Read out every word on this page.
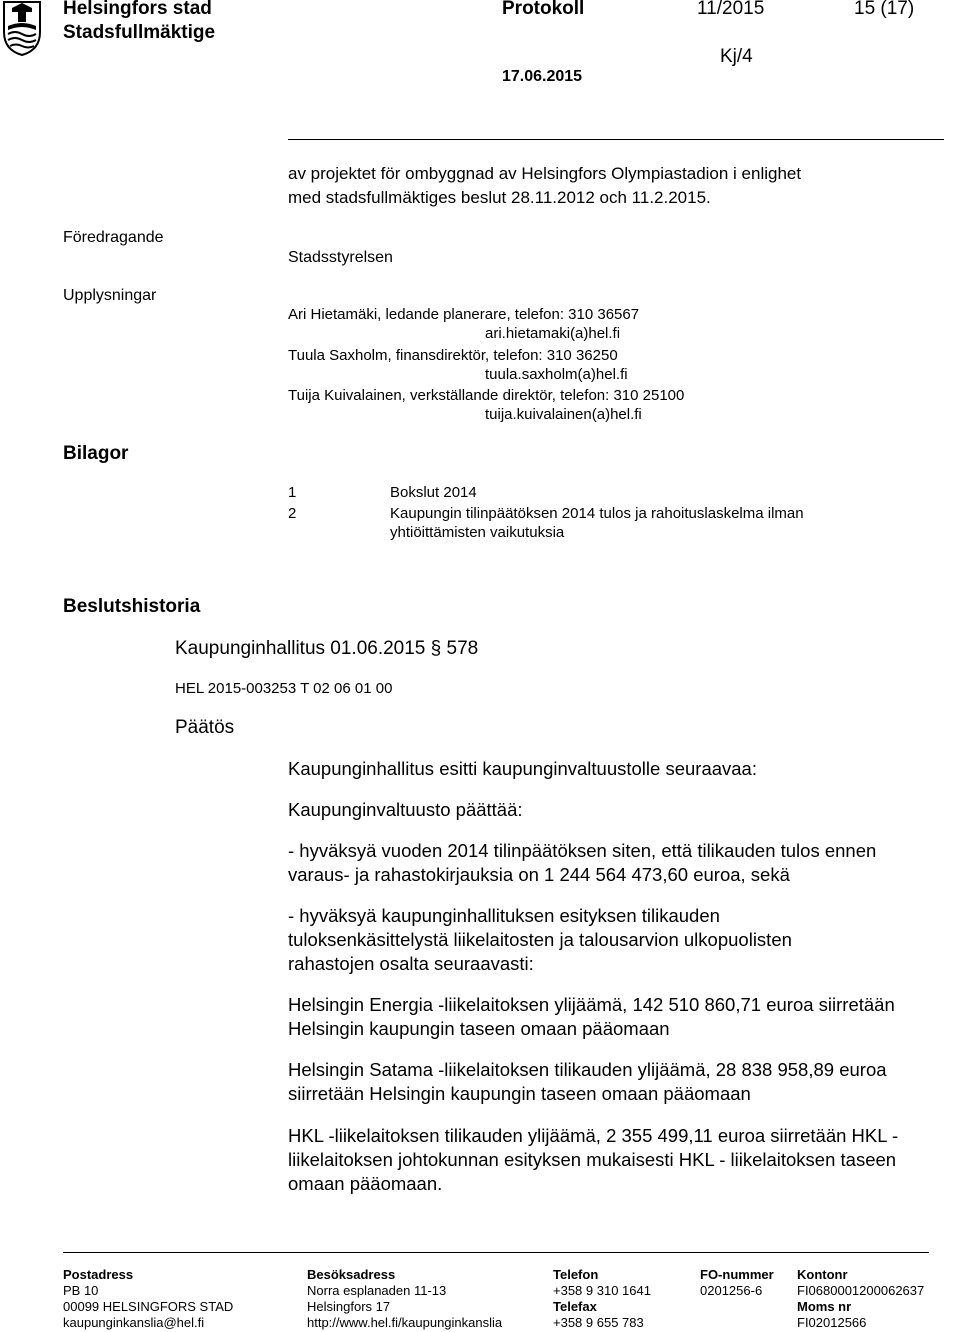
Helsingfors stad
Stadsfullmäktige
Protokoll	11/2015	15 (17)
Kj/4
17.06.2015
av projektet för ombyggnad av Helsingfors Olympiastadion i enlighet
med stadsfullmäktiges beslut 28.11.2012 och 11.2.2015.
Föredragande
Stadsstyrelsen
Upplysningar
Ari Hietamäki, ledande planerare, telefon: 310 36567
ari.hietamaki(a)hel.fi
Tuula Saxholm, finansdirektör, telefon: 310 36250
tuula.saxholm(a)hel.fi
Tuija Kuivalainen, verkställande direktör, telefon: 310 25100
tuija.kuivalainen(a)hel.fi
Bilagor
1	Bokslut 2014
2	Kaupungin tilinpäätöksen 2014 tulos ja rahoituslaskelma ilman
yhtiöittämisten vaikutuksia
Beslutshistoria
Kaupunginhallitus 01.06.2015 § 578
HEL 2015-003253 T 02 06 01 00
Päätös
Kaupunginhallitus esitti kaupunginvaltuustolle seuraavaa:
Kaupunginvaltuusto päättää:
- hyväksyä vuoden 2014 tilinpäätöksen siten, että tilikauden tulos ennen varaus- ja rahastokirjauksia on 1 244 564 473,60 euroa, sekä
- hyväksyä kaupunginhallituksen esityksen tilikauden tuloksenkäsittelystä liikelaitosten ja talousarvion ulkopuolisten rahastojen osalta seuraavasti:
Helsingin Energia -liikelaitoksen ylijäämä, 142 510 860,71 euroa siirretään Helsingin kaupungin taseen omaan pääomaan
Helsingin Satama -liikelaitoksen tilikauden ylijäämä, 28 838 958,89 euroa siirretään Helsingin kaupungin taseen omaan pääomaan
HKL -liikelaitoksen tilikauden ylijäämä, 2 355 499,11 euroa siirretään HKL -liikelaitoksen johtokunnan esityksen mukaisesti HKL - liikelaitoksen taseen omaan pääomaan.
Postadress
PB 10
00099 HELSINGFORS STAD
kaupunginkanslia@hel.fi
Besöksadress
Norra esplanaden 11-13
Helsingfors 17
http://www.hel.fi/kaupunginkanslia
Telefon
+358 9 310 1641
Telefax
+358 9 655 783
FO-nummer
0201256-6
Kontonr
FI0680001200062637
Moms nr
FI02012566
